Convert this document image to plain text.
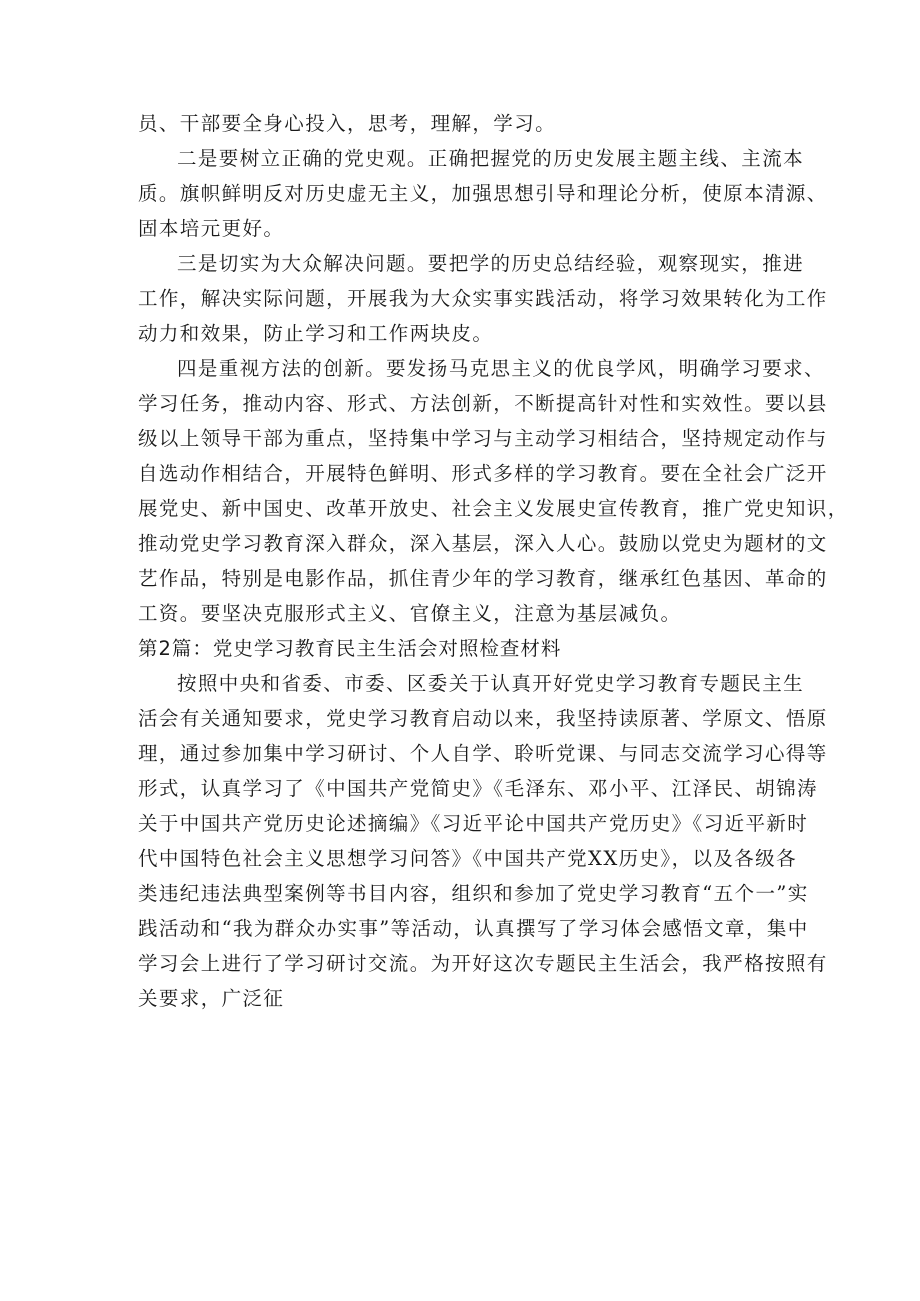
员、干部要全身心投入，思考，理解，学习。

二是要树立正确的党史观。正确把握党的历史发展主题主线、主流本
质。旗帜鲜明反对历史虚无主义，加强思想引导和理论分析，使原本清源、
固本培元更好。

三是切实为大众解决问题。要把学的历史总结经验，观察现实，推进
工作，解决实际问题，开展我为大众实事实践活动，将学习效果转化为工作
动力和效果，防止学习和工作两块皮。

四是重视方法的创新。要发扬马克思主义的优良学风，明确学习要求、
学习任务，推动内容、形式、方法创新，不断提高针对性和实效性。要以县
级以上领导干部为重点，坚持集中学习与主动学习相结合，坚持规定动作与
自选动作相结合，开展特色鲜明、形式多样的学习教育。要在全社会广泛开
展党史、新中国史、改革开放史、社会主义发展史宣传教育，推广党史知识，
推动党史学习教育深入群众，深入基层，深入人心。鼓励以党史为题材的文
艺作品，特别是电影作品，抓住青少年的学习教育，继承红色基因、革命的
工资。要坚决克服形式主义、官僚主义，注意为基层减负。

第2篇：党史学习教育民主生活会对照检查材料

按照中央和省委、市委、区委关于认真开好党史学习教育专题民主生
活会有关通知要求，党史学习教育启动以来，我坚持读原著、学原文、悟原
理，通过参加集中学习研讨、个人自学、聆听党课、与同志交流学习心得等
形式，认真学习了《中国共产党简史》《毛泽东、邓小平、江泽民、胡锦涛
关于中国共产党历史论述摘编》《习近平论中国共产党历史》《习近平新时
代中国特色社会主义思想学习问答》《中国共产党XX历史》，以及各级各
类违纪违法典型案例等书目内容，组织和参加了党史学习教育“五个一”实
践活动和“我为群众办实事”等活动，认真撰写了学习体会感悟文章，集中
学习会上进行了学习研讨交流。为开好这次专题民主生活会，我严格按照有
关要求，广泛征
